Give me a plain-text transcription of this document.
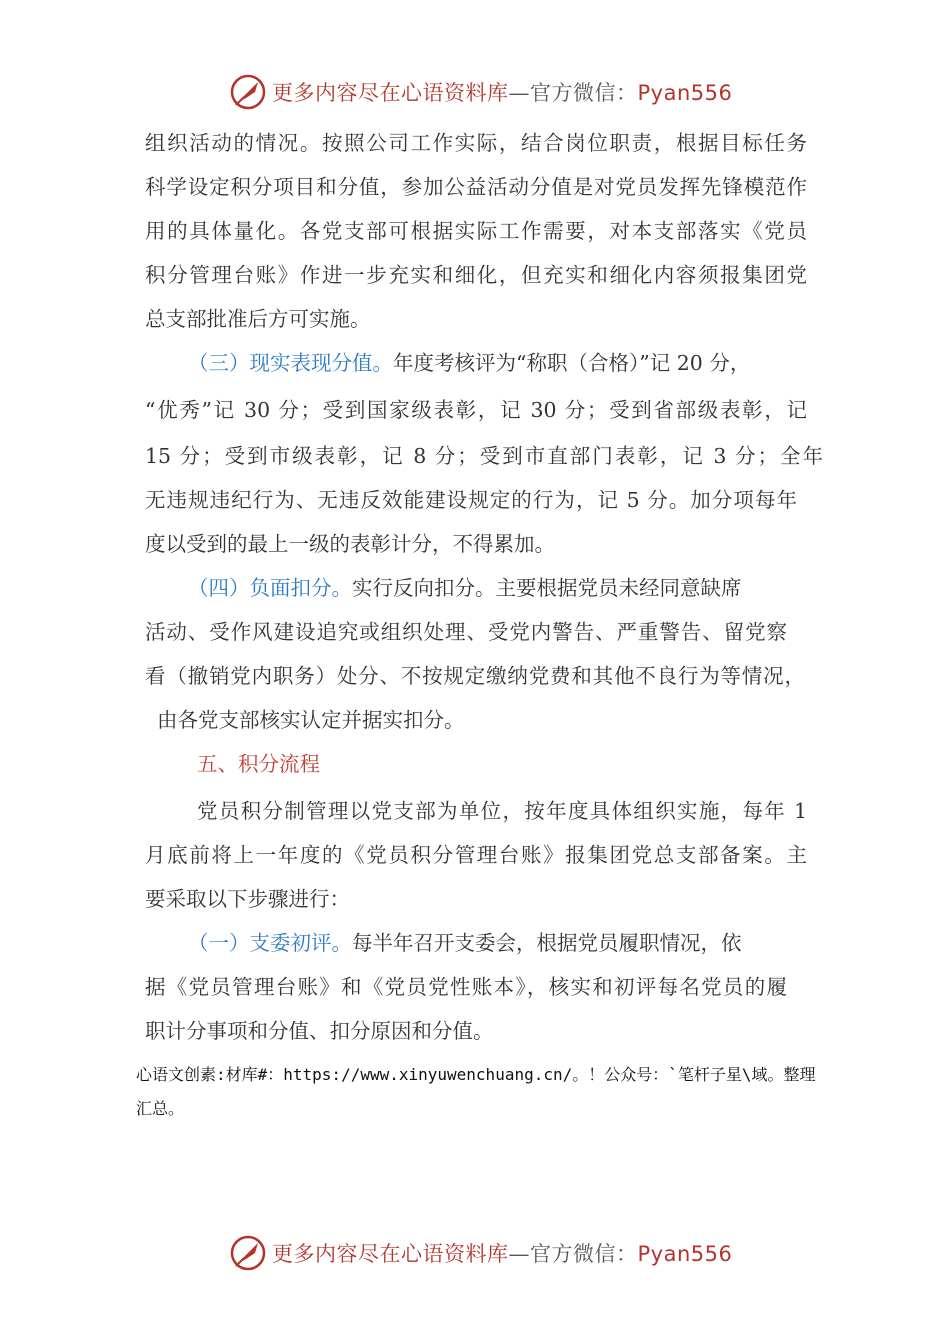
更多内容尽在心语资料库—官方微信：Pyan556
组织活动的情况。按照公司工作实际，结合岗位职责，根据目标任务
科学设定积分项目和分值，参加公益活动分值是对党员发挥先锋模范作
用的具体量化。各党支部可根据实际工作需要，对本支部落实《党员
积分管理台账》作进一步充实和细化，但充实和细化内容须报集团党
总支部批准后方可实施。
（三）现实表现分值。年度考核评为“称职（合格）”记 20 分，
“优秀”记 30 分；受到国家级表彰，记 30 分；受到省部级表彰，记
15 分；受到市级表彰，记 8 分；受到市直部门表彰，记 3 分；全年
无违规违纪行为、无违反效能建设规定的行为，记 5 分。加分项每年
度以受到的最上一级的表彰计分，不得累加。
（四）负面扣分。实行反向扣分。主要根据党员未经同意缺席
活动、受作风建设追究或组织处理、受党内警告、严重警告、留党察
看（撤销党内职务）处分、不按规定缴纳党费和其他不良行为等情况，
由各党支部核实认定并据实扣分。
五、积分流程
党员积分制管理以党支部为单位，按年度具体组织实施，每年 1
月底前将上一年度的《党员积分管理台账》报集团党总支部备案。主
要采取以下步骤进行：
（一）支委初评。每半年召开支委会，根据党员履职情况，依
据《党员管理台账》和《党员党性账本》，核实和初评每名党员的履
职计分事项和分值、扣分原因和分值。
心语文创素:材库#：https://www.xinyuwenchuang.cn/。！公众号：`笔杆子星\域。整理
汇总。
更多内容尽在心语资料库—官方微信：Pyan556
